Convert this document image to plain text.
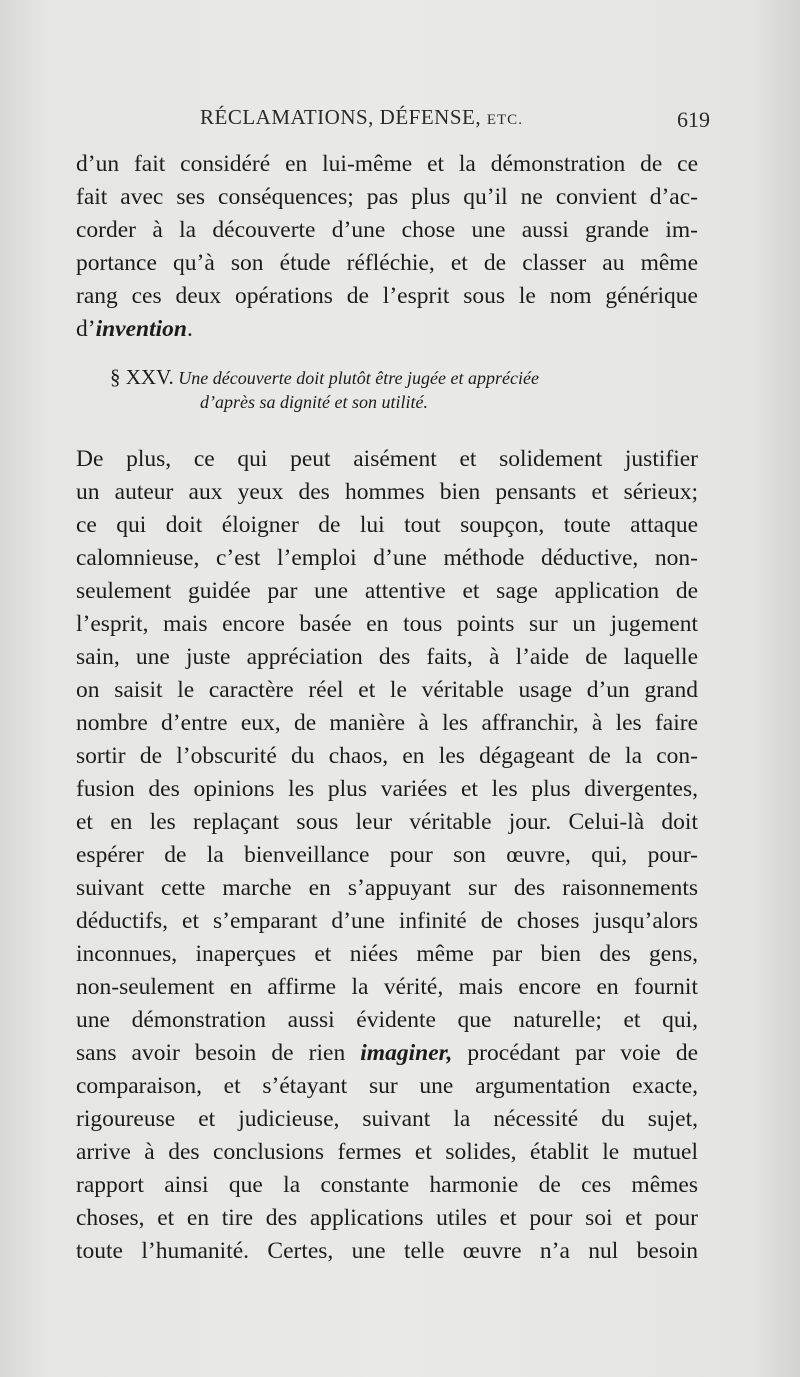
RÉCLAMATIONS, DÉFENSE, ETC.	619
d’un fait considéré en lui-même et la démonstration de ce
fait avec ses conséquences; pas plus qu’il ne convient d’ac-
corder à la découverte d’une chose une aussi grande im-
portance qu’à son étude réfléchie, et de classer au même
rang ces deux opérations de l’esprit sous le nom générique
d’invention.
§ XXV. Une découverte doit plutôt être jugée et appréciée
d’après sa dignité et son utilité.
De plus, ce qui peut aisément et solidement justifier
un auteur aux yeux des hommes bien pensants et sérieux;
ce qui doit éloigner de lui tout soupçon, toute attaque
calomnieuse, c’est l’emploi d’une méthode déductive, non-
seulement guidée par une attentive et sage application de
l’esprit, mais encore basée en tous points sur un jugement
sain, une juste appréciation des faits, à l’aide de laquelle
on saisit le caractère réel et le véritable usage d’un grand
nombre d’entre eux, de manière à les affranchir, à les faire
sortir de l’obscurité du chaos, en les dégageant de la con-
fusion des opinions les plus variées et les plus divergentes,
et en les replaçant sous leur véritable jour. Celui-là doit
espérer de la bienveillance pour son œuvre, qui, pour-
suivant cette marche en s’appuyant sur des raisonnements
déductifs, et s’emparant d’une infinité de choses jusqu’alors
inconnues, inaperçues et niées même par bien des gens,
non-seulement en affirme la vérité, mais encore en fournit
une démonstration aussi évidente que naturelle; et qui,
sans avoir besoin de rien imaginer, procédant par voie de
comparaison, et s’étayant sur une argumentation exacte,
rigoureuse et judicieuse, suivant la nécessité du sujet,
arrive à des conclusions fermes et solides, établit le mutuel
rapport ainsi que la constante harmonie de ces mêmes
choses, et en tire des applications utiles et pour soi et pour
toute l’humanité. Certes, une telle œuvre n’a nul besoin
